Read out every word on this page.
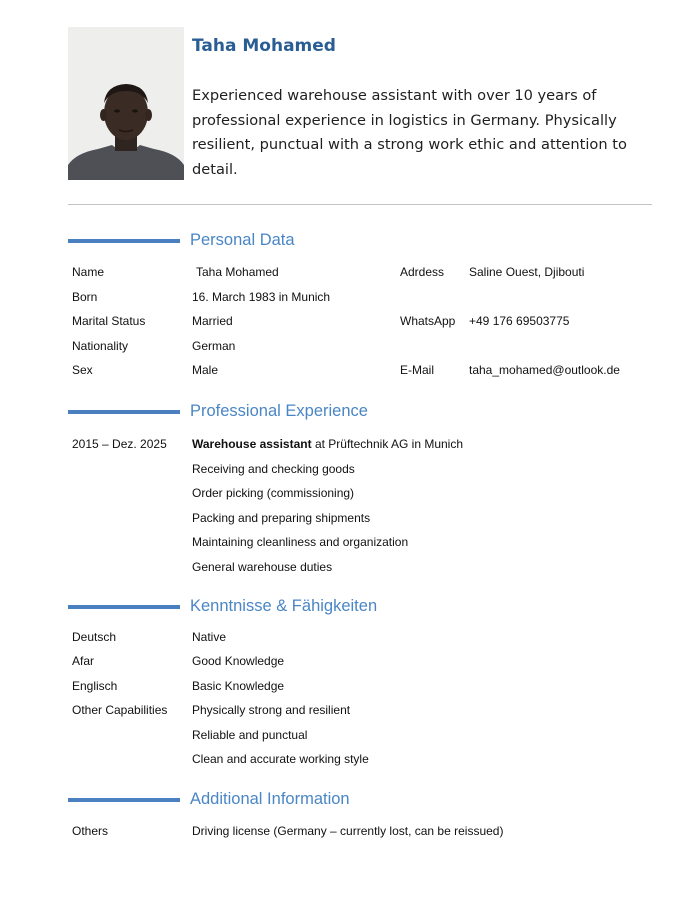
Taha Mohamed

Experienced warehouse assistant with over 10 years of professional experience in logistics in Germany. Physically resilient, punctual with a strong work ethic and attention to detail.

Personal Data
Name	Taha Mohamed	Adrdess Saline Ouest, Djibouti
Born	16. March 1983 in Munich
Marital Status	Married	WhatsApp +49 176 69503775
Nationality	German
Sex	Male	E-Mail	taha_mohamed@outlook.de
Professional Experience
2015 – Dez. 2025 Warehouse assistant at Prüftechnik AG in Munich
Receiving and checking goods
Order picking (commissioning)
Packing and preparing shipments
Maintaining cleanliness and organization
General warehouse duties
Kenntnisse & Fähigkeiten
Deutsch	Native
Afar	Good Knowledge
Englisch	Basic Knowledge
Other Capabilities Physically strong and resilient
Reliable and punctual
Clean and accurate working style
Additional Information
Others	Driving license (Germany – currently lost, can be reissued)
